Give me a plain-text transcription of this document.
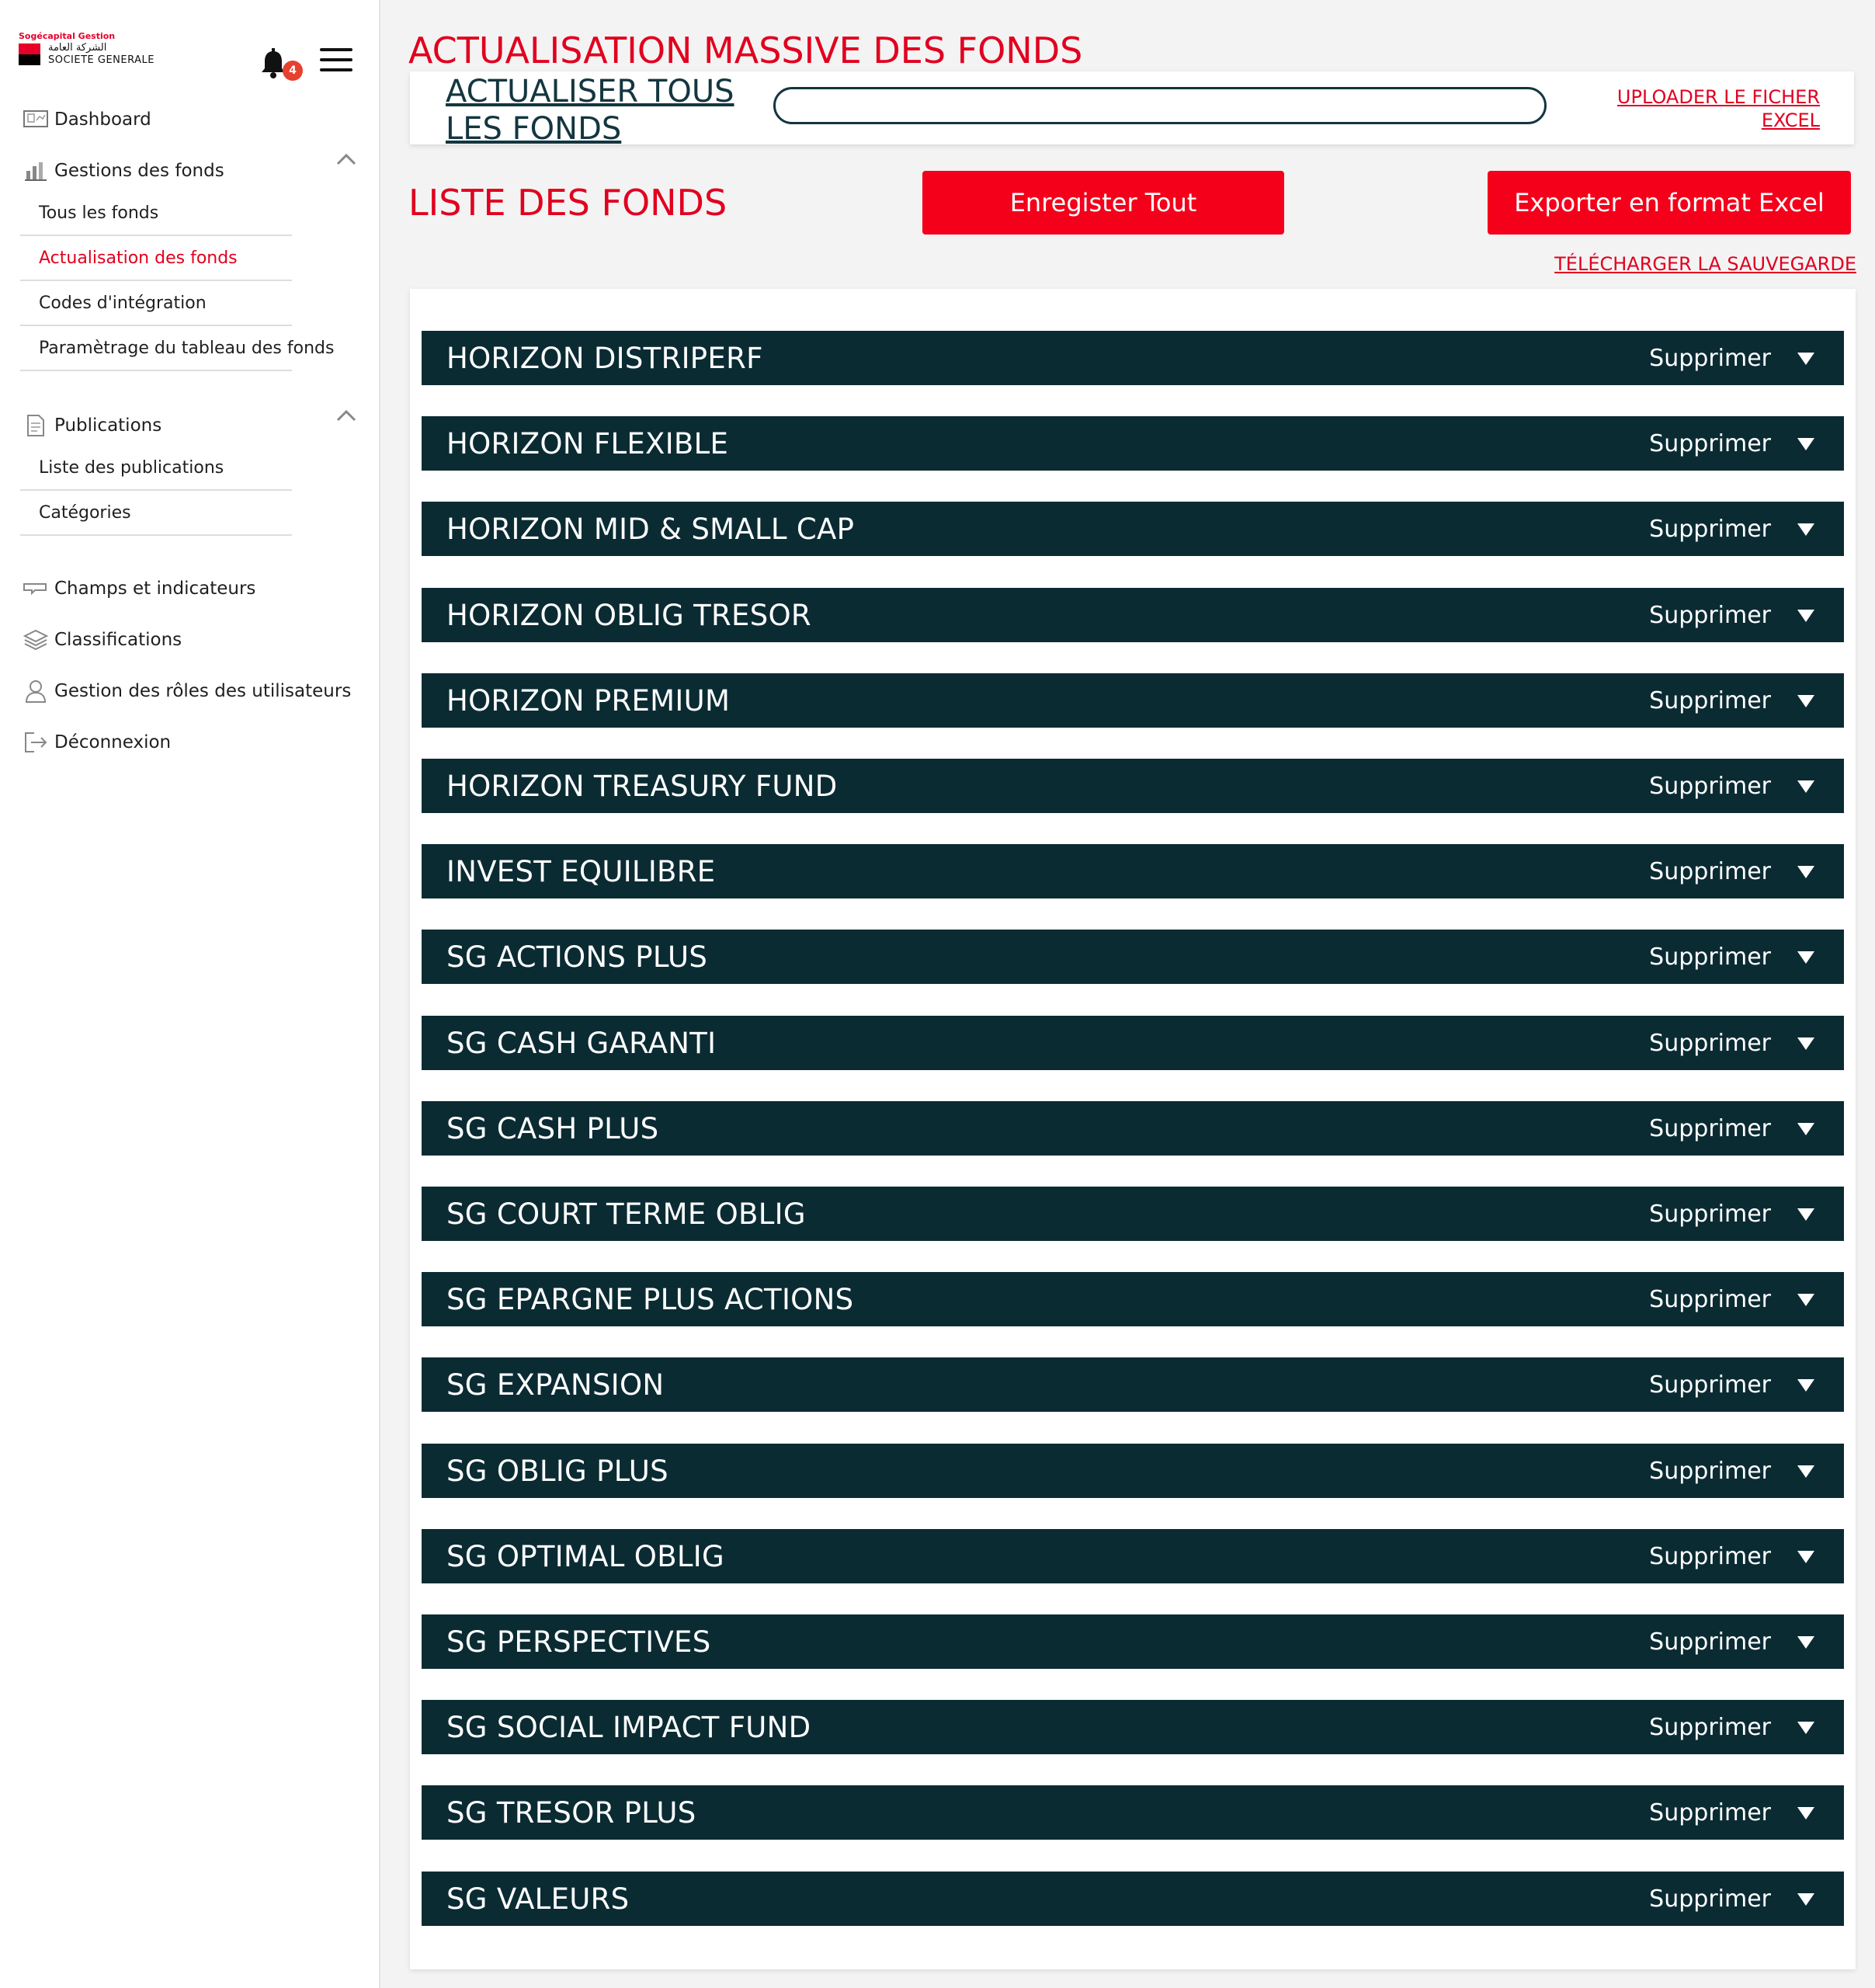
Sogécapital Gestion
الشركة العامة
SOCIETE GENERALE
4
Dashboard
Gestions des fonds
Tous les fonds
Actualisation des fonds
Codes d'intégration
Paramètrage du tableau des fonds
Publications
Liste des publications
Catégories
Champs et indicateurs
Classifications
Gestion des rôles des utilisateurs
Déconnexion
ACTUALISATION MASSIVE DES FONDS
ACTUALISER TOUS LES FONDS
UPLOADER LE FICHER EXCEL
LISTE DES FONDS	Enregister Tout	Exporter en format Excel
TÉLÉCHARGER LA SAUVEGARDE
HORIZON DISTRIPERF	Supprimer
HORIZON FLEXIBLE	Supprimer
HORIZON MID & SMALL CAP	Supprimer
HORIZON OBLIG TRESOR	Supprimer
HORIZON PREMIUM	Supprimer
HORIZON TREASURY FUND	Supprimer
INVEST EQUILIBRE	Supprimer
SG ACTIONS PLUS	Supprimer
SG CASH GARANTI	Supprimer
SG CASH PLUS	Supprimer
SG COURT TERME OBLIG	Supprimer
SG EPARGNE PLUS ACTIONS	Supprimer
SG EXPANSION	Supprimer
SG OBLIG PLUS	Supprimer
SG OPTIMAL OBLIG	Supprimer
SG PERSPECTIVES	Supprimer
SG SOCIAL IMPACT FUND	Supprimer
SG TRESOR PLUS	Supprimer
SG VALEURS	Supprimer
